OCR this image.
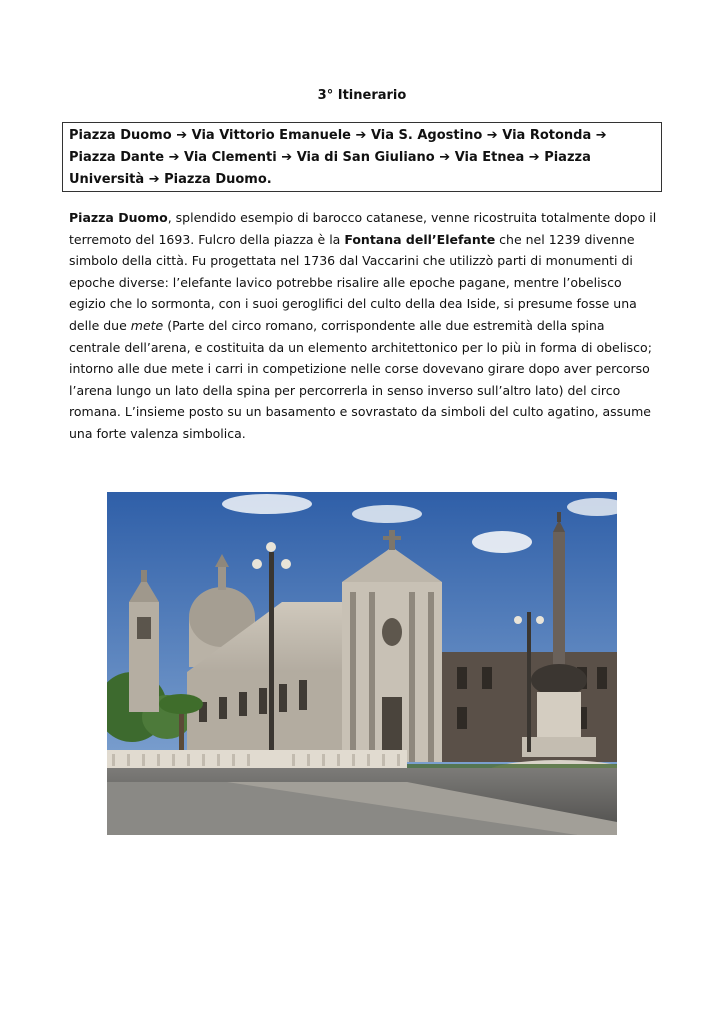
3° Itinerario
Piazza Duomo ➔ Via Vittorio Emanuele ➔ Via S. Agostino ➔ Via Rotonda ➔ Piazza Dante ➔ Via Clementi ➔ Via di San Giuliano ➔ Via Etnea ➔ Piazza Università ➔ Piazza Duomo.
Piazza Duomo, splendido esempio di barocco catanese, venne ricostruita totalmente dopo il terremoto del 1693. Fulcro della piazza è la Fontana dell’Elefante che nel 1239 divenne simbolo della città. Fu progettata nel 1736 dal Vaccarini che utilizzò parti di monumenti di epoche diverse: l’elefante lavico potrebbe risalire alle epoche pagane, mentre l’obelisco egizio che lo sormonta, con i suoi geroglifici del culto della dea Iside, si presume fosse una delle due mete (Parte del circo romano, corrispondente alle due estremità della spina centrale dell’arena, e costituita da un elemento architettonico per lo più in forma di obelisco; intorno alle due mete i carri in competizione nelle corse dovevano girare dopo aver percorso l’arena lungo un lato della spina per percorrerla in senso inverso sull’altro lato) del circo romana. L’insieme posto su un basamento e sovrastato da simboli del culto agatino, assume una forte valenza simbolica.
